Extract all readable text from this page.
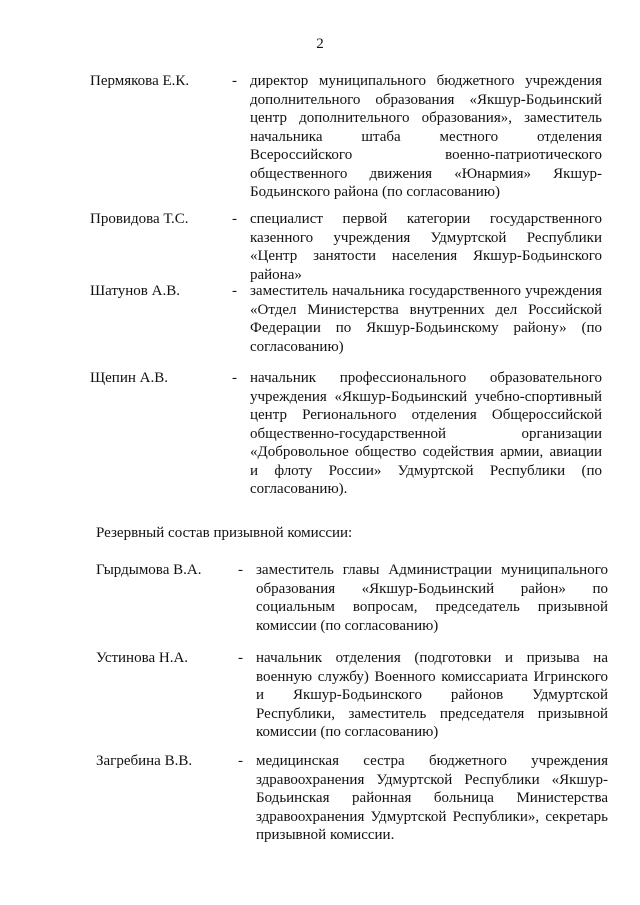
2
Пермякова Е.К.	- директор муниципального бюджетного учреждения дополнительного образования «Якшур-Бодьинский центр дополнительного образования», заместитель начальника штаба местного отделения Всероссийского военно-патриотического общественного движения «Юнармия» Якшур-Бодьинского района (по согласованию)
Провидова Т.С.	- специалист первой категории государственного казенного учреждения Удмуртской Республики «Центр занятости населения Якшур-Бодьинского района»
Шатунов А.В.	- заместитель начальника государственного учреждения «Отдел Министерства внутренних дел Российской Федерации по Якшур-Бодьинскому району» (по согласованию)
Щепин А.В.	- начальник профессионального образовательного учреждения «Якшур-Бодьинский учебно-спортивный центр Регионального отделения Общероссийской общественно-государственной организации «Добровольное общество содействия армии, авиации и флоту России» Удмуртской Республики (по согласованию).
Резервный состав призывной комиссии:
Гырдымова В.А. - заместитель главы Администрации муниципального образования «Якшур-Бодьинский район» по социальным вопросам, председатель призывной комиссии (по согласованию)
Устинова Н.А.	- начальник отделения (подготовки и призыва на военную службу) Военного комиссариата Игринского и Якшур-Бодьинского районов Удмуртской Республики, заместитель председателя призывной комиссии (по согласованию)
Загребина В.В.	- медицинская сестра бюджетного учреждения здравоохранения Удмуртской Республики «Якшур-Бодьинская районная больница Министерства здравоохранения Удмуртской Республики», секретарь призывной комиссии.
